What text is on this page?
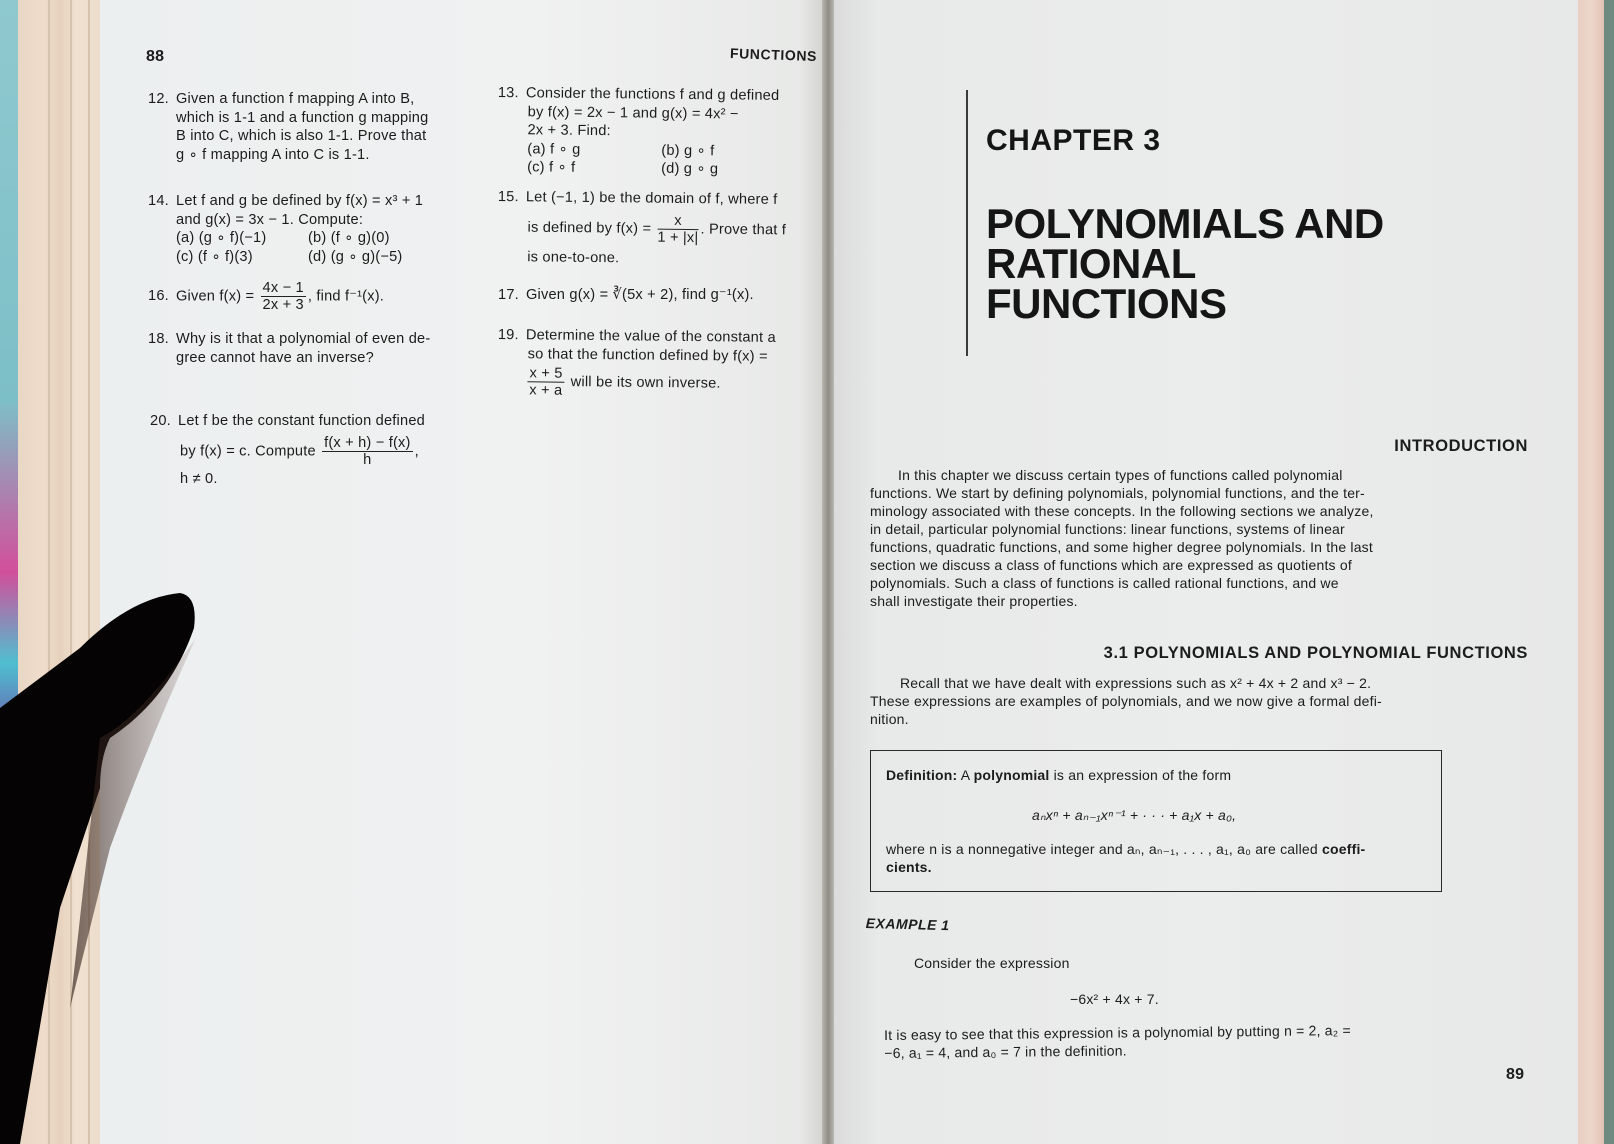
88	FUNCTIONS
12. Given a function f mapping A into B,
which is 1-1 and a function g mapping
B into C, which is also 1-1. Prove that
g ∘ f mapping A into C is 1-1.
14. Let f and g be defined by f(x) = x³ + 1
and g(x) = 3x − 1. Compute:
(a) (g ∘ f)(−1)	(b) (f ∘ g)(0)
(c) (f ∘ f)(3)	(d) (g ∘ g)(−5)
16. Given $f(x) = \frac{4x - 1}{2x + 3}$ , find f⁻¹(x).
18. Why is it that a polynomial of even de-
gree cannot have an inverse?
20. Let f be the constant function defined
by f(x) = c. Compute $\frac{f(x + h) - f(x)}{h}$ ,
h ≠ 0.
13. Consider the functions f and g defined
by f(x) = 2x − 1 and g(x) = 4x² −
2x + 3. Find:
(a) f ∘ g	(b) g ∘ f
(c) f ∘ f	(d) g ∘ g
15. Let (−1, 1) be the domain of f, where f
is defined by $f(x) = \frac{x}{1 + |x|}$ . Prove that f
is one-to-one.
17. Given g(x) = ∛(5x + 2), find g⁻¹(x).
19. Determine the value of the constant a
so that the function defined by f(x) =
$\frac{x + 5}{x + a}$ will be its own inverse.
CHAPTER 3
POLYNOMIALS AND
RATIONAL
FUNCTIONS
INTRODUCTION
In this chapter we discuss certain types of functions called polynomial
functions. We start by defining polynomials, polynomial functions, and the ter-
minology associated with these concepts. In the following sections we analyze,
in detail, particular polynomial functions: linear functions, systems of linear
functions, quadratic functions, and some higher degree polynomials. In the last
section we discuss a class of functions which are expressed as quotients of
polynomials. Such a class of functions is called rational functions, and we
shall investigate their properties.
3.1 POLYNOMIALS AND POLYNOMIAL FUNCTIONS
Recall that we have dealt with expressions such as x² + 4x + 2 and x³ − 2.
These expressions are examples of polynomials, and we now give a formal defi-
nition.
Definition: A polynomial is an expression of the form
aₙxⁿ + aₙ₋₁xⁿ⁻¹ + · · · + a₁x + a₀,
where n is a nonnegative integer and aₙ, aₙ₋₁, . . . , a₁, a₀ are called coeffi-
cients.
EXAMPLE 1
Consider the expression
−6x² + 4x + 7.
It is easy to see that this expression is a polynomial by putting n = 2, a₂ =
−6, a₁ = 4, and a₀ = 7 in the definition.
89
